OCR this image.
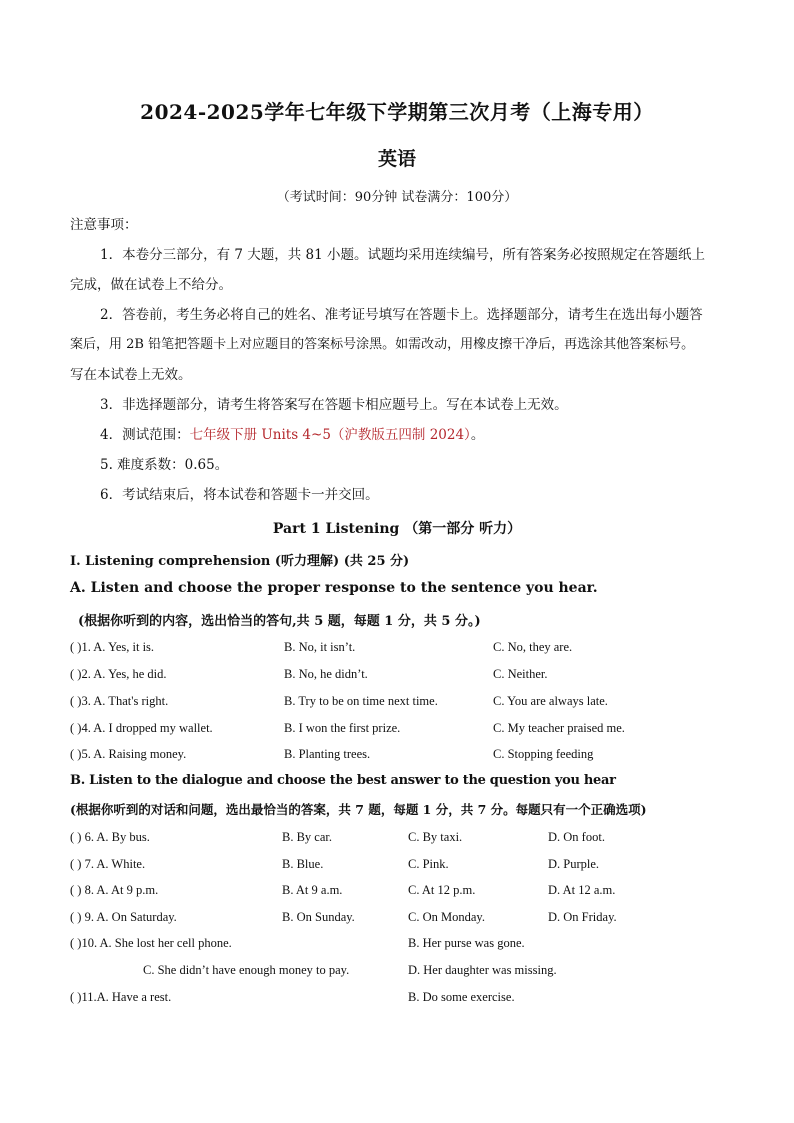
2024-2025学年七年级下学期第三次月考（上海专用）
英语
（考试时间：90分钟 试卷满分：100分）
注意事项：
1．本卷分三部分，有 7 大题，共 81 小题。试题均采用连续编号，所有答案务必按照规定在答题纸上
完成，做在试卷上不给分。
2．答卷前，考生务必将自己的姓名、准考证号填写在答题卡上。选择题部分，请考生在选出每小题答
案后，用 2B 铅笔把答题卡上对应题目的答案标号涂黑。如需改动，用橡皮擦干净后，再选涂其他答案标号。
写在本试卷上无效。
3．非选择题部分，请考生将答案写在答题卡相应题号上。写在本试卷上无效。
4．测试范围：七年级下册 Units 4~5（沪教版五四制 2024）。
5. 难度系数：0.65。
6．考试结束后，将本试卷和答题卡一并交回。
Part 1 Listening （第一部分 听力）
I. Listening comprehension (听力理解) (共 25 分)
A. Listen and choose the proper response to the sentence you hear.
(根据你听到的内容，选出恰当的答句,共 5 题，每题 1 分，共 5 分。)
( )1. A. Yes, it is.	B. No, it isn’t.	C. No, they are.
( )2. A. Yes, he did.	B. No, he didn’t.	C. Neither.
( )3. A. That's right.	B. Try to be on time next time.	C. You are always late.
( )4. A. I dropped my wallet.	B. I won the first prize.	C. My teacher praised me.
( )5. A. Raising money.	B. Planting trees.	C. Stopping feeding
B. Listen to the dialogue and choose the best answer to the question you hear
(根据你听到的对话和问题，选出最恰当的答案，共 7 题，每题 1 分，共 7 分。每题只有一个正确选项)
( ) 6. A. By bus.	B. By car.	C. By taxi.	D. On foot.
( ) 7. A. White.	B. Blue.	C. Pink.	D. Purple.
( ) 8. A. At 9 p.m.	B. At 9 a.m.	C. At 12 p.m.	D. At 12 a.m.
( ) 9. A. On Saturday.	B. On Sunday.	C. On Monday.	D. On Friday.
( )10. A. She lost her cell phone.	B. Her purse was gone.
C. She didn’t have enough money to pay.	D. Her daughter was missing.
( )11.A. Have a rest.	B. Do some exercise.
